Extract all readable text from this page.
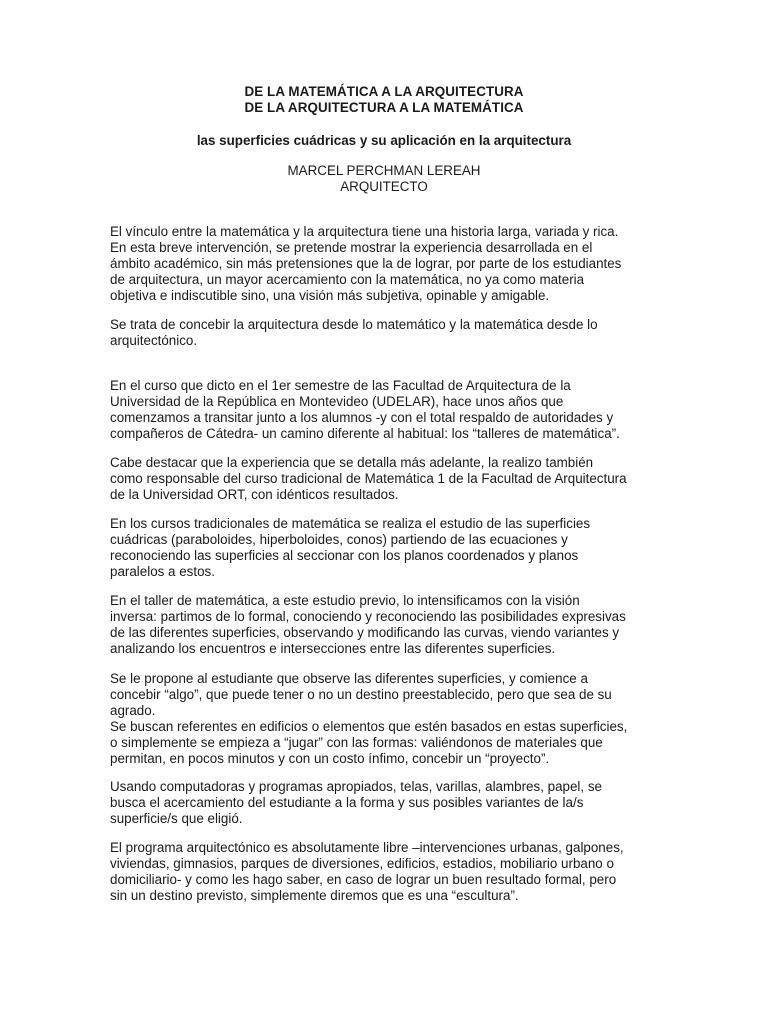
DE LA MATEMÁTICA A LA ARQUITECTURA
DE LA ARQUITECTURA A LA MATEMÁTICA
las superficies cuádricas y su aplicación en la arquitectura
MARCEL PERCHMAN LEREAH
ARQUITECTO

El vínculo entre la matemática y la arquitectura tiene una historia larga, variada y rica.
En esta breve intervención, se pretende mostrar la experiencia desarrollada en el
ámbito académico, sin más pretensiones que la de lograr, por parte de los estudiantes
de arquitectura, un mayor acercamiento con la matemática, no ya como materia
objetiva e indiscutible sino, una visión más subjetiva, opinable y amigable.

Se trata de concebir la arquitectura desde lo matemático y la matemática desde lo
arquitectónico.

En el curso que dicto en el 1er semestre de las Facultad de Arquitectura de la
Universidad de la República en Montevideo (UDELAR), hace unos años que
comenzamos a transitar junto a los alumnos -y con el total respaldo de autoridades y
compañeros de Cátedra- un camino diferente al habitual: los “talleres de matemática”.

Cabe destacar que la experiencia que se detalla más adelante, la realizo también
como responsable del curso tradicional de Matemática 1 de la Facultad de Arquitectura
de la Universidad ORT, con idénticos resultados.

En los cursos tradicionales de matemática se realiza el estudio de las superficies
cuádricas (paraboloides, hiperboloides, conos) partiendo de las ecuaciones y
reconociendo las superficies al seccionar con los planos coordenados y planos
paralelos a estos.

En el taller de matemática, a este estudio previo, lo intensificamos con la visión
inversa: partimos de lo formal, conociendo y reconociendo las posibilidades expresivas
de las diferentes superficies, observando y modificando las curvas, viendo variantes y
analizando los encuentros e intersecciones entre las diferentes superficies.

Se le propone al estudiante que observe las diferentes superficies, y comience a
concebir “algo”, que puede tener o no un destino preestablecido, pero que sea de su
agrado.
Se buscan referentes en edificios o elementos que estén basados en estas superficies,
o simplemente se empieza a “jugar” con las formas: valiéndonos de materiales que
permitan, en pocos minutos y con un costo ínfimo, concebir un “proyecto”.

Usando computadoras y programas apropiados, telas, varillas, alambres, papel, se
busca el acercamiento del estudiante a la forma y sus posibles variantes de la/s
superficie/s que eligió.

El programa arquitectónico es absolutamente libre –intervenciones urbanas, galpones,
viviendas, gimnasios, parques de diversiones, edificios, estadios, mobiliario urbano o
domiciliario- y como les hago saber, en caso de lograr un buen resultado formal, pero
sin un destino previsto, simplemente diremos que es una “escultura”.
